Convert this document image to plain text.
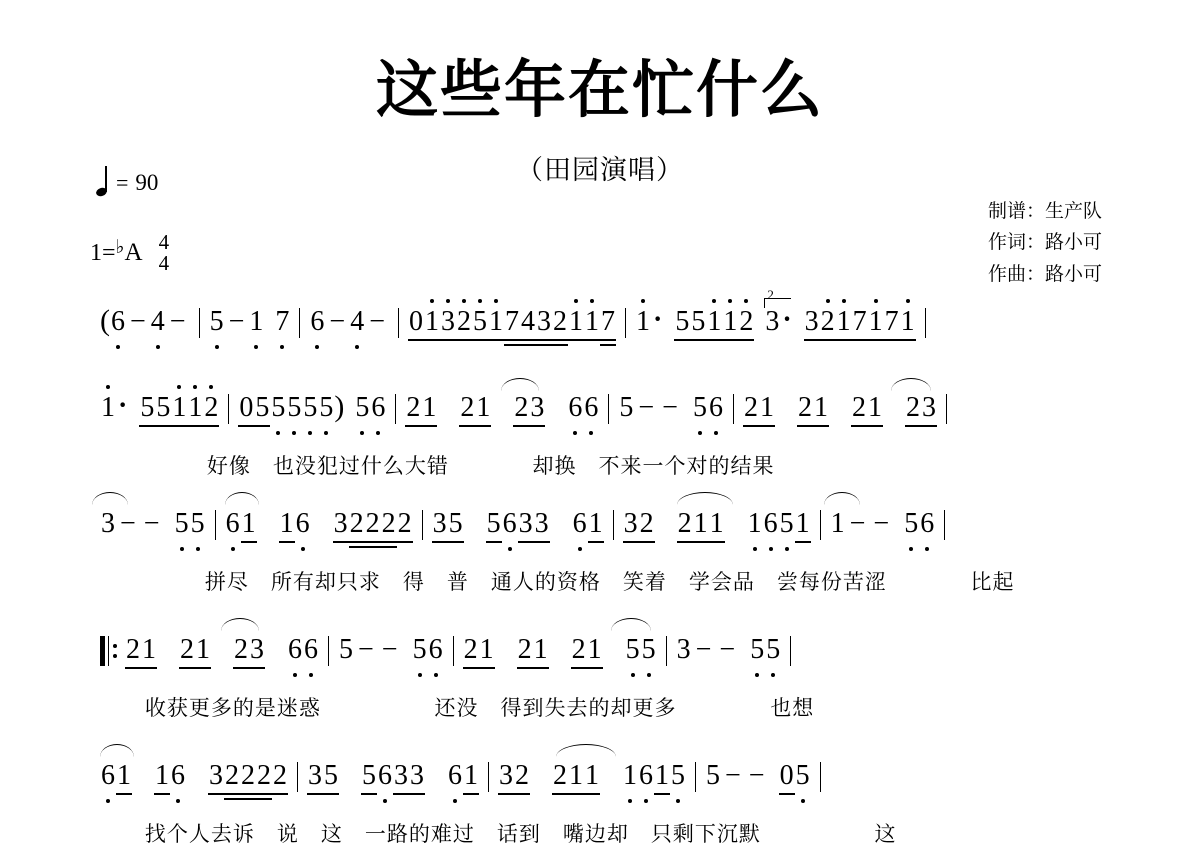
这些年在忙什么
（田园演唱）
= 90
1= ♭ A 4
4
制谱：生产队
作词：路小可
作曲：路小可
( 6 − 4 − 5 − 1 7 6 − 4 − 0132517432117 1 · 55112
2
3 · 3217171
1 · 55112 055555 ) 56 21 21 23 66 5 − − 56 21 21 21 23
好像　也没犯过什么大错	却换　不来一个对的结果
3 − − 55 61 16 32222 35 5633 61 32 211 1651 1 − − 56
拼尽　所有却只求　得　普　通人的资格　笑着　学会品　尝每份苦涩	比起
21 21 23 66 5 − − 56 21 21 21 55 3 − − 55
收获更多的是迷惑	还没　得到失去的却更多	也想
61 16 32222 35 5633 61 32 211 1615 5 − − 05
找个人去诉　说　这　一路的难过　话到　嘴边却　只剩下沉默	这
